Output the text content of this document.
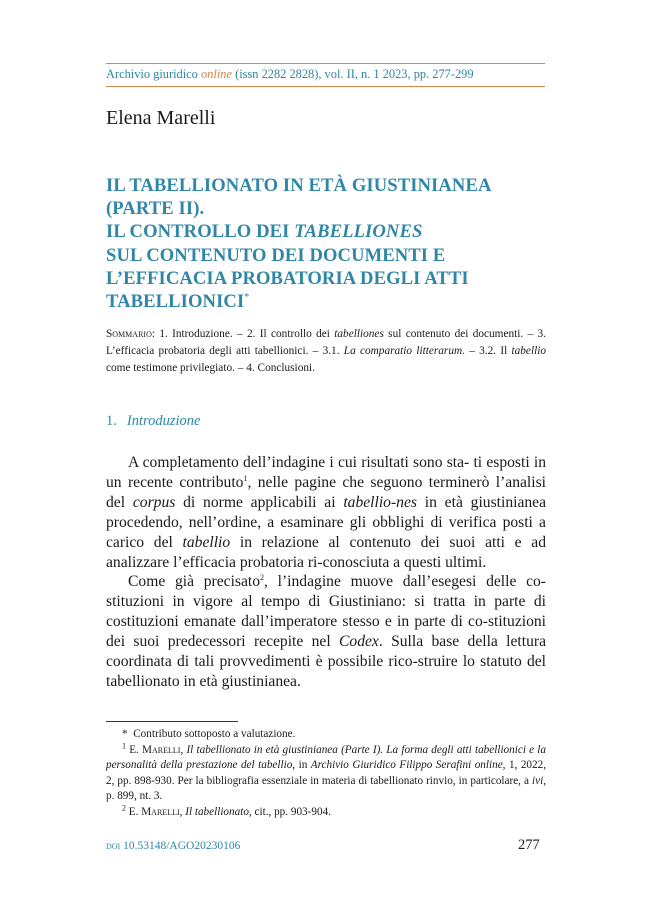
Archivio giuridico online (issn 2282 2828), vol. II, n. 1 2023, pp. 277-299
Elena Marelli
IL TABELLIONATO IN ETÀ GIUSTINIANEA
(PARTE II).
IL CONTROLLO DEI TABELLIONES
SUL CONTENUTO DEI DOCUMENTI E
L’EFFICACIA PROBATORIA DEGLI ATTI
TABELLIONICI*
Sommario: 1. Introduzione. – 2. Il controllo dei tabelliones sul contenuto dei documenti. – 3. L’efficacia probatoria degli atti tabellionici. – 3.1. La comparatio litterarum. – 3.2. Il tabellio come testimone privilegiato. – 4. Conclusioni.
1. Introduzione

A completamento dell’indagine i cui risultati sono sta- ti esposti in un recente contributo$^1$, nelle pagine che seguono terminerò l’analisi del corpus di norme applicabili ai tabellio-nes in età giustinianea procedendo, nell’ordine, a esaminare gli obblighi di verifica posti a carico del tabellio in relazione al contenuto dei suoi atti e ad analizzare l’efficacia probatoria ri-conosciuta a questi ultimi.

Come già precisato$^2$, l’indagine muove dall’esegesi delle co-stituzioni in vigore al tempo di Giustiniano: si tratta in parte di costituzioni emanate dall’imperatore stesso e in parte di co-stituzioni dei suoi predecessori recepite nel Codex. Sulla base della lettura coordinata di tali provvedimenti è possibile rico-struire lo statuto del tabellionato in età giustinianea.

* Contributo sottoposto a valutazione.

$^1$ E. Marelli, Il tabellionato in età giustinianea (Parte I). La forma degli atti tabellionici e la personalità della prestazione del tabellio, in Archivio Giuridico Filippo Serafini online, 1, 2022, 2, pp. 898-930. Per la bibliografia essenziale in materia di tabellionato rinvio, in particolare, a ivi, p. 899, nt. 3.

$^2$ E. Marelli, Il tabellionato, cit., pp. 903-904.

doi 10.53148/AGO20230106	277
